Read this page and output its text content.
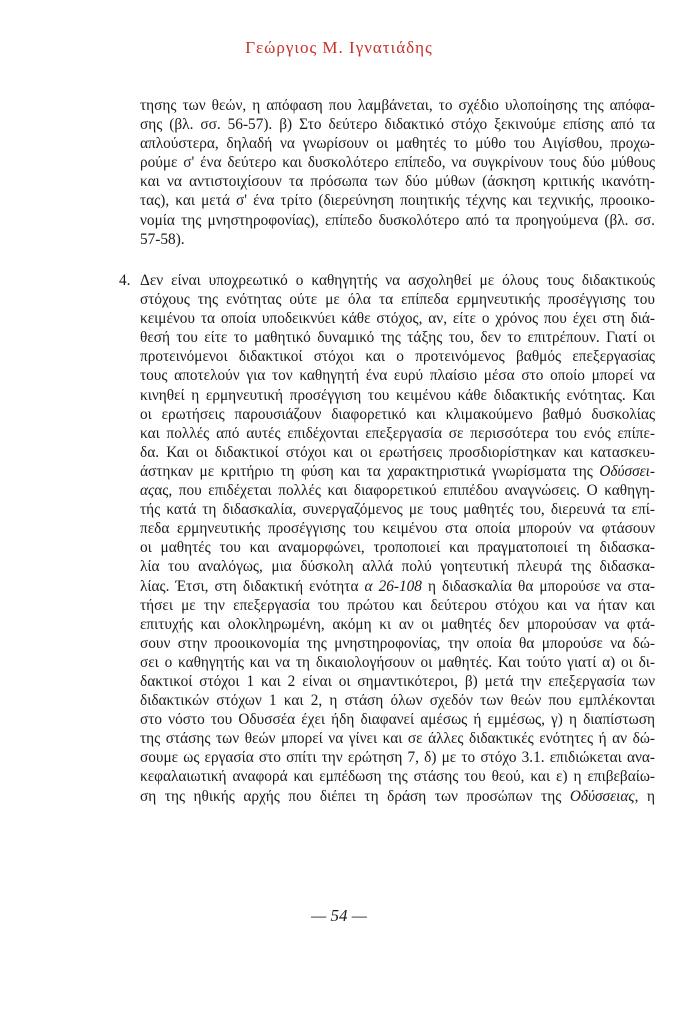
Γεώργιος Μ. Ιγνατιάδης
τησης των θεών, η απόφαση που λαμβάνεται, το σχέδιο υλοποίησης της απόφα-
σης (βλ. σσ. 56-57). β) Στο δεύτερο διδακτικό στόχο ξεκινούμε επίσης από τα
απλούστερα, δηλαδή να γνωρίσουν οι μαθητές το μύθο του Αιγίσθου, προχω-
ρούμε σ' ένα δεύτερο και δυσκολότερο επίπεδο, να συγκρίνουν τους δύο μύθους
και να αντιστοιχίσουν τα πρόσωπα των δύο μύθων (άσκηση κριτικής ικανότη-
τας), και μετά σ' ένα τρίτο (διερεύνηση ποιητικής τέχνης και τεχνικής, προοικο-
νομία της μνηστηροφονίας), επίπεδο δυσκολότερο από τα προηγούμενα (βλ. σσ.
57-58).
4. Δεν είναι υποχρεωτικό ο καθηγητής να ασχοληθεί με όλους τους διδακτικούς
στόχους της ενότητας ούτε με όλα τα επίπεδα ερμηνευτικής προσέγγισης του
κειμένου τα οποία υποδεικνύει κάθε στόχος, αν, είτε ο χρόνος που έχει στη διά-
θεσή του είτε το μαθητικό δυναμικό της τάξης του, δεν το επιτρέπουν. Γιατί οι
προτεινόμενοι διδακτικοί στόχοι και ο προτεινόμενος βαθμός επεξεργασίας
τους αποτελούν για τον καθηγητή ένα ευρύ πλαίσιο μέσα στο οποίο μπορεί να
κινηθεί η ερμηνευτική προσέγγιση του κειμένου κάθε διδακτικής ενότητας. Και
οι ερωτήσεις παρουσιάζουν διαφορετικό και κλιμακούμενο βαθμό δυσκολίας
και πολλές από αυτές επιδέχονται επεξεργασία σε περισσότερα του ενός επίπε-
δα. Και οι διδακτικοί στόχοι και οι ερωτήσεις προσδιορίστηκαν και κατασκευ-
άστηκαν με κριτήριο τη φύση και τα χαρακτηριστικά γνωρίσματα της Οδύσσει-
αςας, που επιδέχεται πολλές και διαφορετικού επιπέδου αναγνώσεις. Ο καθηγη-
τής κατά τη διδασκαλία, συνεργαζόμενος με τους μαθητές του, διερευνά τα επί-
πεδα ερμηνευτικής προσέγγισης του κειμένου στα οποία μπορούν να φτάσουν
οι μαθητές του και αναμορφώνει, τροποποιεί και πραγματοποιεί τη διδασκα-
λία του αναλόγως, μια δύσκολη αλλά πολύ γοητευτική πλευρά της διδασκα-
λίας. Έτσι, στη διδακτική ενότητα α 26-108 η διδασκαλία θα μπορούσε να στα-
τήσει με την επεξεργασία του πρώτου και δεύτερου στόχου και να ήταν και
επιτυχής και ολοκληρωμένη, ακόμη κι αν οι μαθητές δεν μπορούσαν να φτά-
σουν στην προοικονομία της μνηστηροφονίας, την οποία θα μπορούσε να δώ-
σει ο καθηγητής και να τη δικαιολογήσουν οι μαθητές. Και τούτο γιατί α) οι δι-
δακτικοί στόχοι 1 και 2 είναι οι σημαντικότεροι, β) μετά την επεξεργασία των
διδακτικών στόχων 1 και 2, η στάση όλων σχεδόν των θεών που εμπλέκονται
στο νόστο του Οδυσσέα έχει ήδη διαφανεί αμέσως ή εμμέσως, γ) η διαπίστωση
της στάσης των θεών μπορεί να γίνει και σε άλλες διδακτικές ενότητες ή αν δώ-
σουμε ως εργασία στο σπίτι την ερώτηση 7, δ) με το στόχο 3.1. επιδιώκεται ανα-
κεφαλαιωτική αναφορά και εμπέδωση της στάσης του θεού, και ε) η επιβεβαίω-
ση της ηθικής αρχής που διέπει τη δράση των προσώπων της Οδύσσειας, η
— 54 —
